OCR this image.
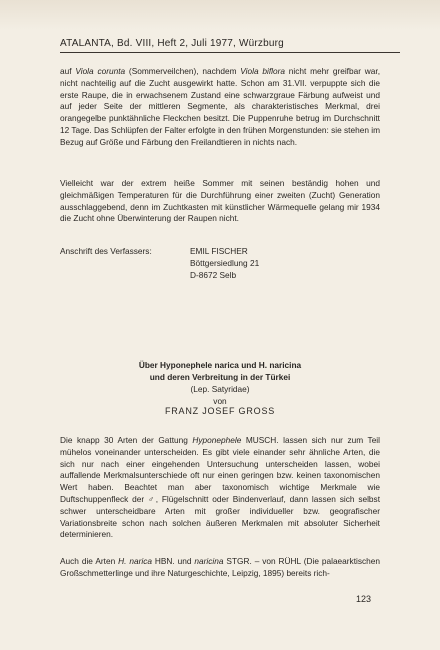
ATALANTA, Bd. VIII, Heft 2, Juli 1977, Würzburg
auf Viola corunta (Sommerveilchen), nachdem Viola biflora nicht mehr greifbar war, nicht nachteilig auf die Zucht ausgewirkt hatte. Schon am 31.VII. verpuppte sich die erste Raupe, die in erwachsenem Zustand eine schwarzgraue Färbung aufweist und auf jeder Seite der mittleren Segmente, als charakteristisches Merkmal, drei orangegelbe punktähnliche Fleckchen besitzt. Die Puppenruhe betrug im Durchschnitt 12 Tage. Das Schlüpfen der Falter erfolgte in den frühen Morgenstunden: sie stehen im Bezug auf Größe und Färbung den Freilandtieren in nichts nach.
Vielleicht war der extrem heiße Sommer mit seinen beständig hohen und gleichmäßigen Temperaturen für die Durchführung einer zweiten (Zucht) Generation ausschlaggebend, denn im Zuchtkasten mit künstlicher Wärmequelle gelang mir 1934 die Zucht ohne Überwinterung der Raupen nicht.
Anschrift des Verfassers:	EMIL FISCHER
Böttgersiedlung 21
D-8672 Selb
Über Hyponephele narica und H. naricina
und deren Verbreitung in der Türkei
(Lep. Satyridae)
von
FRANZ JOSEF GROSS
Die knapp 30 Arten der Gattung Hyponephele MUSCH. lassen sich nur zum Teil mühelos voneinander unterscheiden. Es gibt viele einander sehr ähnliche Arten, die sich nur nach einer eingehenden Untersuchung unterscheiden lassen, wobei auffallende Merkmalsunterschiede oft nur einen geringen bzw. keinen taxonomischen Wert haben. Beachtet man aber taxonomisch wichtige Merkmale wie Duftschuppenfleck der ♂, Flügelschnitt oder Bindenverlauf, dann lassen sich selbst schwer unterscheidbare Arten mit großer individueller bzw. geografischer Variationsbreite schon nach solchen äußeren Merkmalen mit absoluter Sicherheit determinieren.
Auch die Arten H. narica HBN. und naricina STGR. – von RÜHL (Die palaearktischen Großschmetterlinge und ihre Naturgeschichte, Leipzig, 1895) bereits rich-
123
